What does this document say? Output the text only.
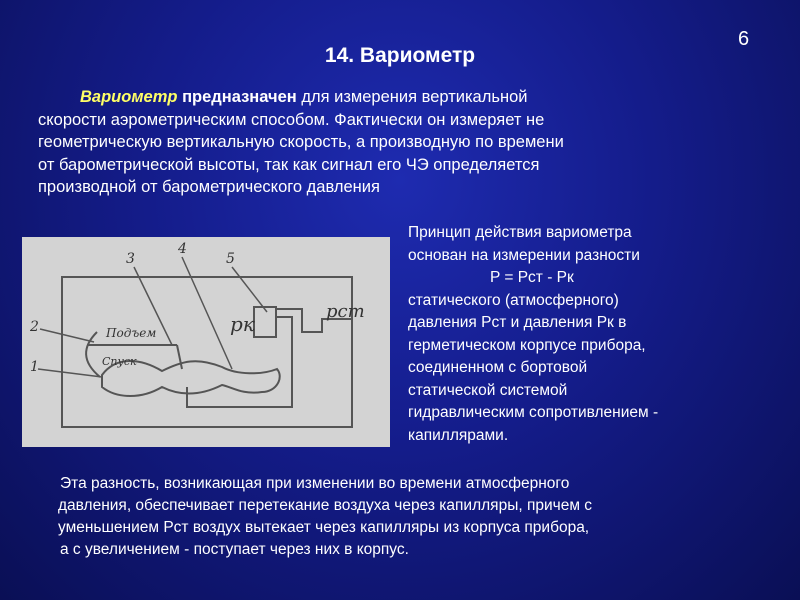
6
14. Вариометр
Вариометр предназначен для измерения вертикальной
скорости аэрометрическим способом. Фактически он измеряет не
геометрическую вертикальную скорость, а производную по времени
от барометрической высоты, так как сигнал его ЧЭ определяется
производной от барометрического давления
1
2
3
4
5
Подъем
Спуск
pк
pст
Принцип действия вариометра
основан на измерении разности
P = Pст - Pк
статического (атмосферного)
давления Рст и давления Рк в
герметическом корпусе прибора,
соединенном с бортовой
статической системой
гидравлическим сопротивлением -
капиллярами.
Эта разность, возникающая при изменении во времени атмосферного
давления, обеспечивает перетекание воздуха через капилляры, причем с
уменьшением Рст воздух вытекает через капилляры из корпуса прибора,
а с увеличением - поступает через них в корпус.
